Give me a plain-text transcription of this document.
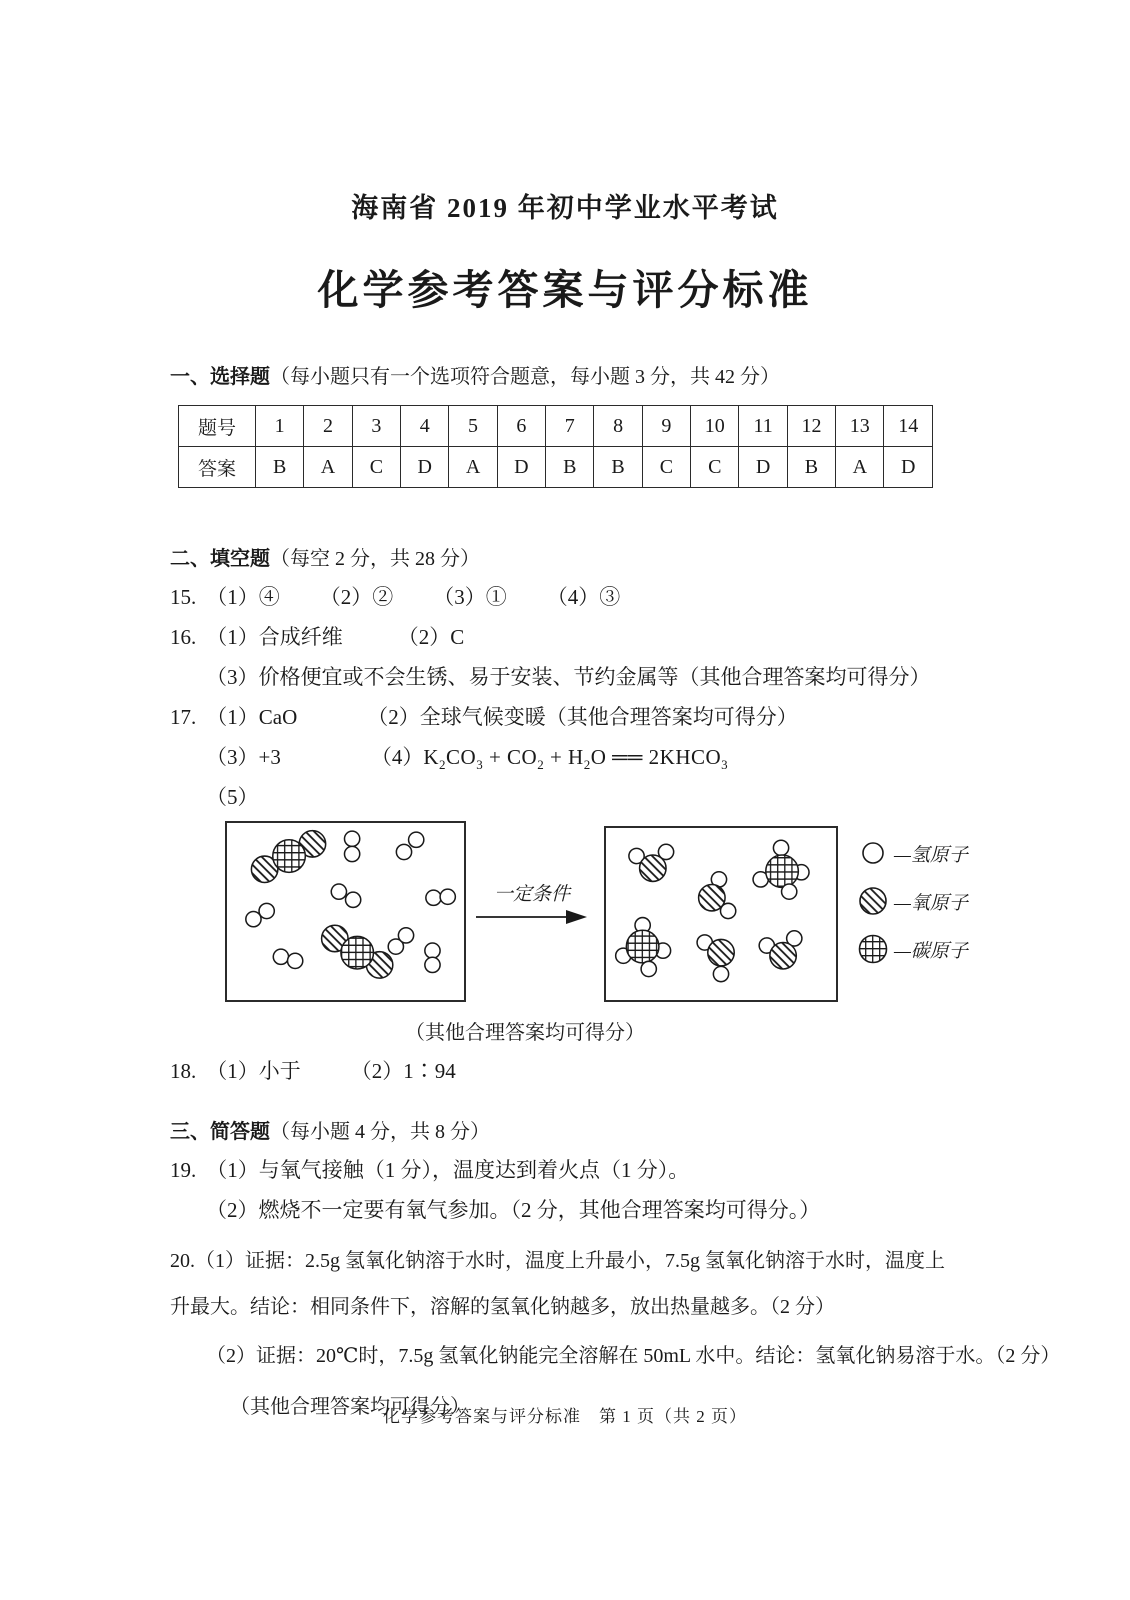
海南省 2019 年初中学业水平考试
化学参考答案与评分标准
一、选择题（每小题只有一个选项符合题意，每小题 3 分，共 42 分）
题号	1	2	3	4	5	6	7	8	9	10	11	12	13	14
答案	B	A	C	D	A	D	B	B	C	C	D	B	A	D
二、填空题（每空 2 分，共 28 分）
15. （1）④ （2）② （3）① （4）③
16. （1）合成纤维	（2）C
（3）价格便宜或不会生锈、易于安装、节约金属等（其他合理答案均可得分）
17. （1）CaO	（2）全球气候变暖（其他合理答案均可得分）
（3）+3	$(4)K_2CO_3 + CO_2 + H_2O$ ══ $2KHCO_3$
（5）
一定条件
—氢原子
—氧原子
—碳原子
（其他合理答案均可得分）
18. （1）小于 （2）1∶94
三、简答题（每小题 4 分，共 8 分）
19. （1）与氧气接触（1 分），温度达到着火点（1 分）。
（2）燃烧不一定要有氧气参加。（2 分，其他合理答案均可得分。）
20.（1）证据：2.5g 氢氧化钠溶于水时，温度上升最小，7.5g 氢氧化钠溶于水时，温度上
升最大。结论：相同条件下，溶解的氢氧化钠越多，放出热量越多。（2 分）
（2）证据：20℃时，7.5g 氢氧化钠能完全溶解在 50mL 水中。结论：氢氧化钠易溶于水。（2 分）
（其他合理答案均可得分）
化学参考答案与评分标准　第 1 页（共 2 页）
